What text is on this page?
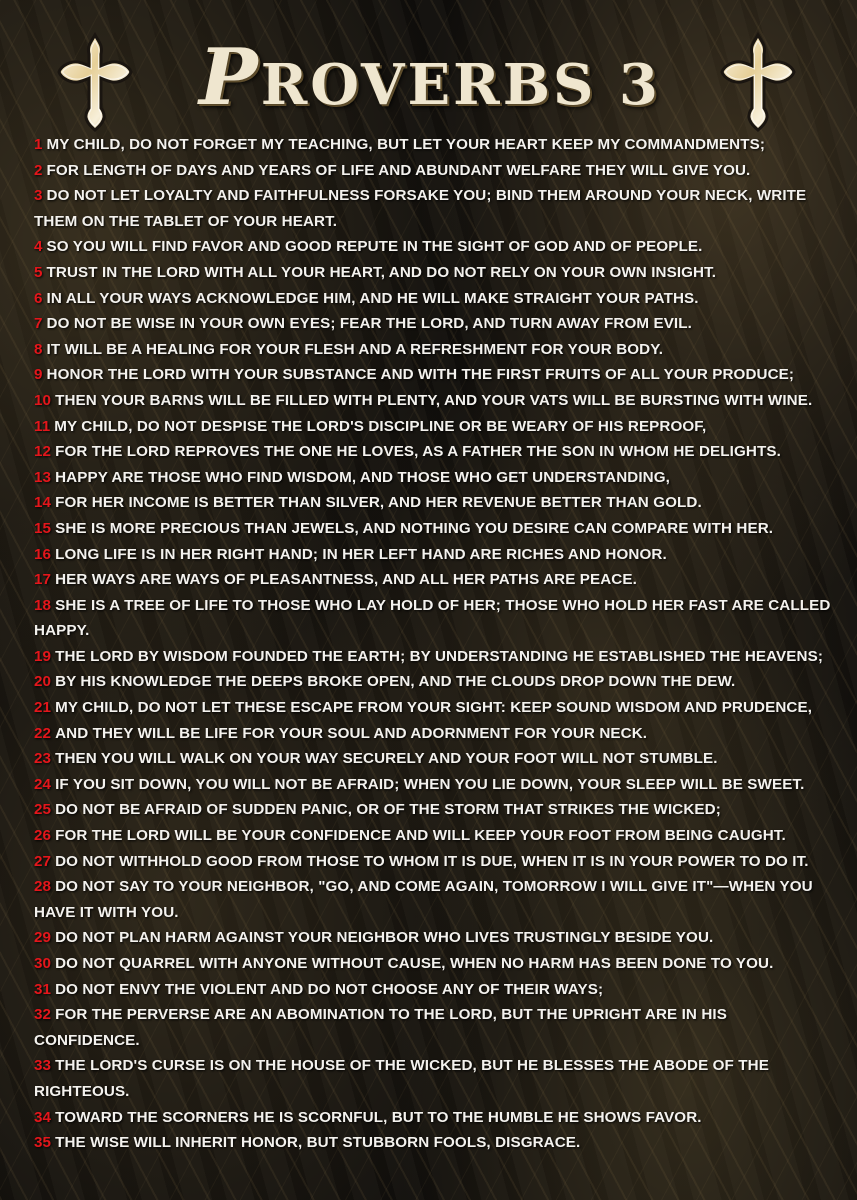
PROVERBS 3

1 MY CHILD, DO NOT FORGET MY TEACHING, BUT LET YOUR HEART KEEP MY COMMANDMENTS;

2 FOR LENGTH OF DAYS AND YEARS OF LIFE AND ABUNDANT WELFARE THEY WILL GIVE YOU.

3 DO NOT LET LOYALTY AND FAITHFULNESS FORSAKE YOU; BIND THEM AROUND YOUR NECK, WRITE THEM ON THE TABLET OF YOUR HEART.

4 SO YOU WILL FIND FAVOR AND GOOD REPUTE IN THE SIGHT OF GOD AND OF PEOPLE.

5 TRUST IN THE LORD WITH ALL YOUR HEART, AND DO NOT RELY ON YOUR OWN INSIGHT.

6 IN ALL YOUR WAYS ACKNOWLEDGE HIM, AND HE WILL MAKE STRAIGHT YOUR PATHS.

7 DO NOT BE WISE IN YOUR OWN EYES; FEAR THE LORD, AND TURN AWAY FROM EVIL.

8 IT WILL BE A HEALING FOR YOUR FLESH AND A REFRESHMENT FOR YOUR BODY.

9 HONOR THE LORD WITH YOUR SUBSTANCE AND WITH THE FIRST FRUITS OF ALL YOUR PRODUCE;

10 THEN YOUR BARNS WILL BE FILLED WITH PLENTY, AND YOUR VATS WILL BE BURSTING WITH WINE.

11 MY CHILD, DO NOT DESPISE THE LORD'S DISCIPLINE OR BE WEARY OF HIS REPROOF,

12 FOR THE LORD REPROVES THE ONE HE LOVES, AS A FATHER THE SON IN WHOM HE DELIGHTS.

13 HAPPY ARE THOSE WHO FIND WISDOM, AND THOSE WHO GET UNDERSTANDING,

14 FOR HER INCOME IS BETTER THAN SILVER, AND HER REVENUE BETTER THAN GOLD.

15 SHE IS MORE PRECIOUS THAN JEWELS, AND NOTHING YOU DESIRE CAN COMPARE WITH HER.

16 LONG LIFE IS IN HER RIGHT HAND; IN HER LEFT HAND ARE RICHES AND HONOR.

17 HER WAYS ARE WAYS OF PLEASANTNESS, AND ALL HER PATHS ARE PEACE.

18 SHE IS A TREE OF LIFE TO THOSE WHO LAY HOLD OF HER; THOSE WHO HOLD HER FAST ARE CALLED HAPPY.

19 THE LORD BY WISDOM FOUNDED THE EARTH; BY UNDERSTANDING HE ESTABLISHED THE HEAVENS;

20 BY HIS KNOWLEDGE THE DEEPS BROKE OPEN, AND THE CLOUDS DROP DOWN THE DEW.

21 MY CHILD, DO NOT LET THESE ESCAPE FROM YOUR SIGHT: KEEP SOUND WISDOM AND PRUDENCE,

22 AND THEY WILL BE LIFE FOR YOUR SOUL AND ADORNMENT FOR YOUR NECK.

23 THEN YOU WILL WALK ON YOUR WAY SECURELY AND YOUR FOOT WILL NOT STUMBLE.

24 IF YOU SIT DOWN, YOU WILL NOT BE AFRAID; WHEN YOU LIE DOWN, YOUR SLEEP WILL BE SWEET.

25 DO NOT BE AFRAID OF SUDDEN PANIC, OR OF THE STORM THAT STRIKES THE WICKED;

26 FOR THE LORD WILL BE YOUR CONFIDENCE AND WILL KEEP YOUR FOOT FROM BEING CAUGHT.

27 DO NOT WITHHOLD GOOD FROM THOSE TO WHOM IT IS DUE, WHEN IT IS IN YOUR POWER TO DO IT.

28 DO NOT SAY TO YOUR NEIGHBOR, "GO, AND COME AGAIN, TOMORROW I WILL GIVE IT"—WHEN YOU HAVE IT WITH YOU.

29 DO NOT PLAN HARM AGAINST YOUR NEIGHBOR WHO LIVES TRUSTINGLY BESIDE YOU.

30 DO NOT QUARREL WITH ANYONE WITHOUT CAUSE, WHEN NO HARM HAS BEEN DONE TO YOU.

31 DO NOT ENVY THE VIOLENT AND DO NOT CHOOSE ANY OF THEIR WAYS;

32 FOR THE PERVERSE ARE AN ABOMINATION TO THE LORD, BUT THE UPRIGHT ARE IN HIS CONFIDENCE.

33 THE LORD'S CURSE IS ON THE HOUSE OF THE WICKED, BUT HE BLESSES THE ABODE OF THE RIGHTEOUS.

34 TOWARD THE SCORNERS HE IS SCORNFUL, BUT TO THE HUMBLE HE SHOWS FAVOR.

35 THE WISE WILL INHERIT HONOR, BUT STUBBORN FOOLS, DISGRACE.
